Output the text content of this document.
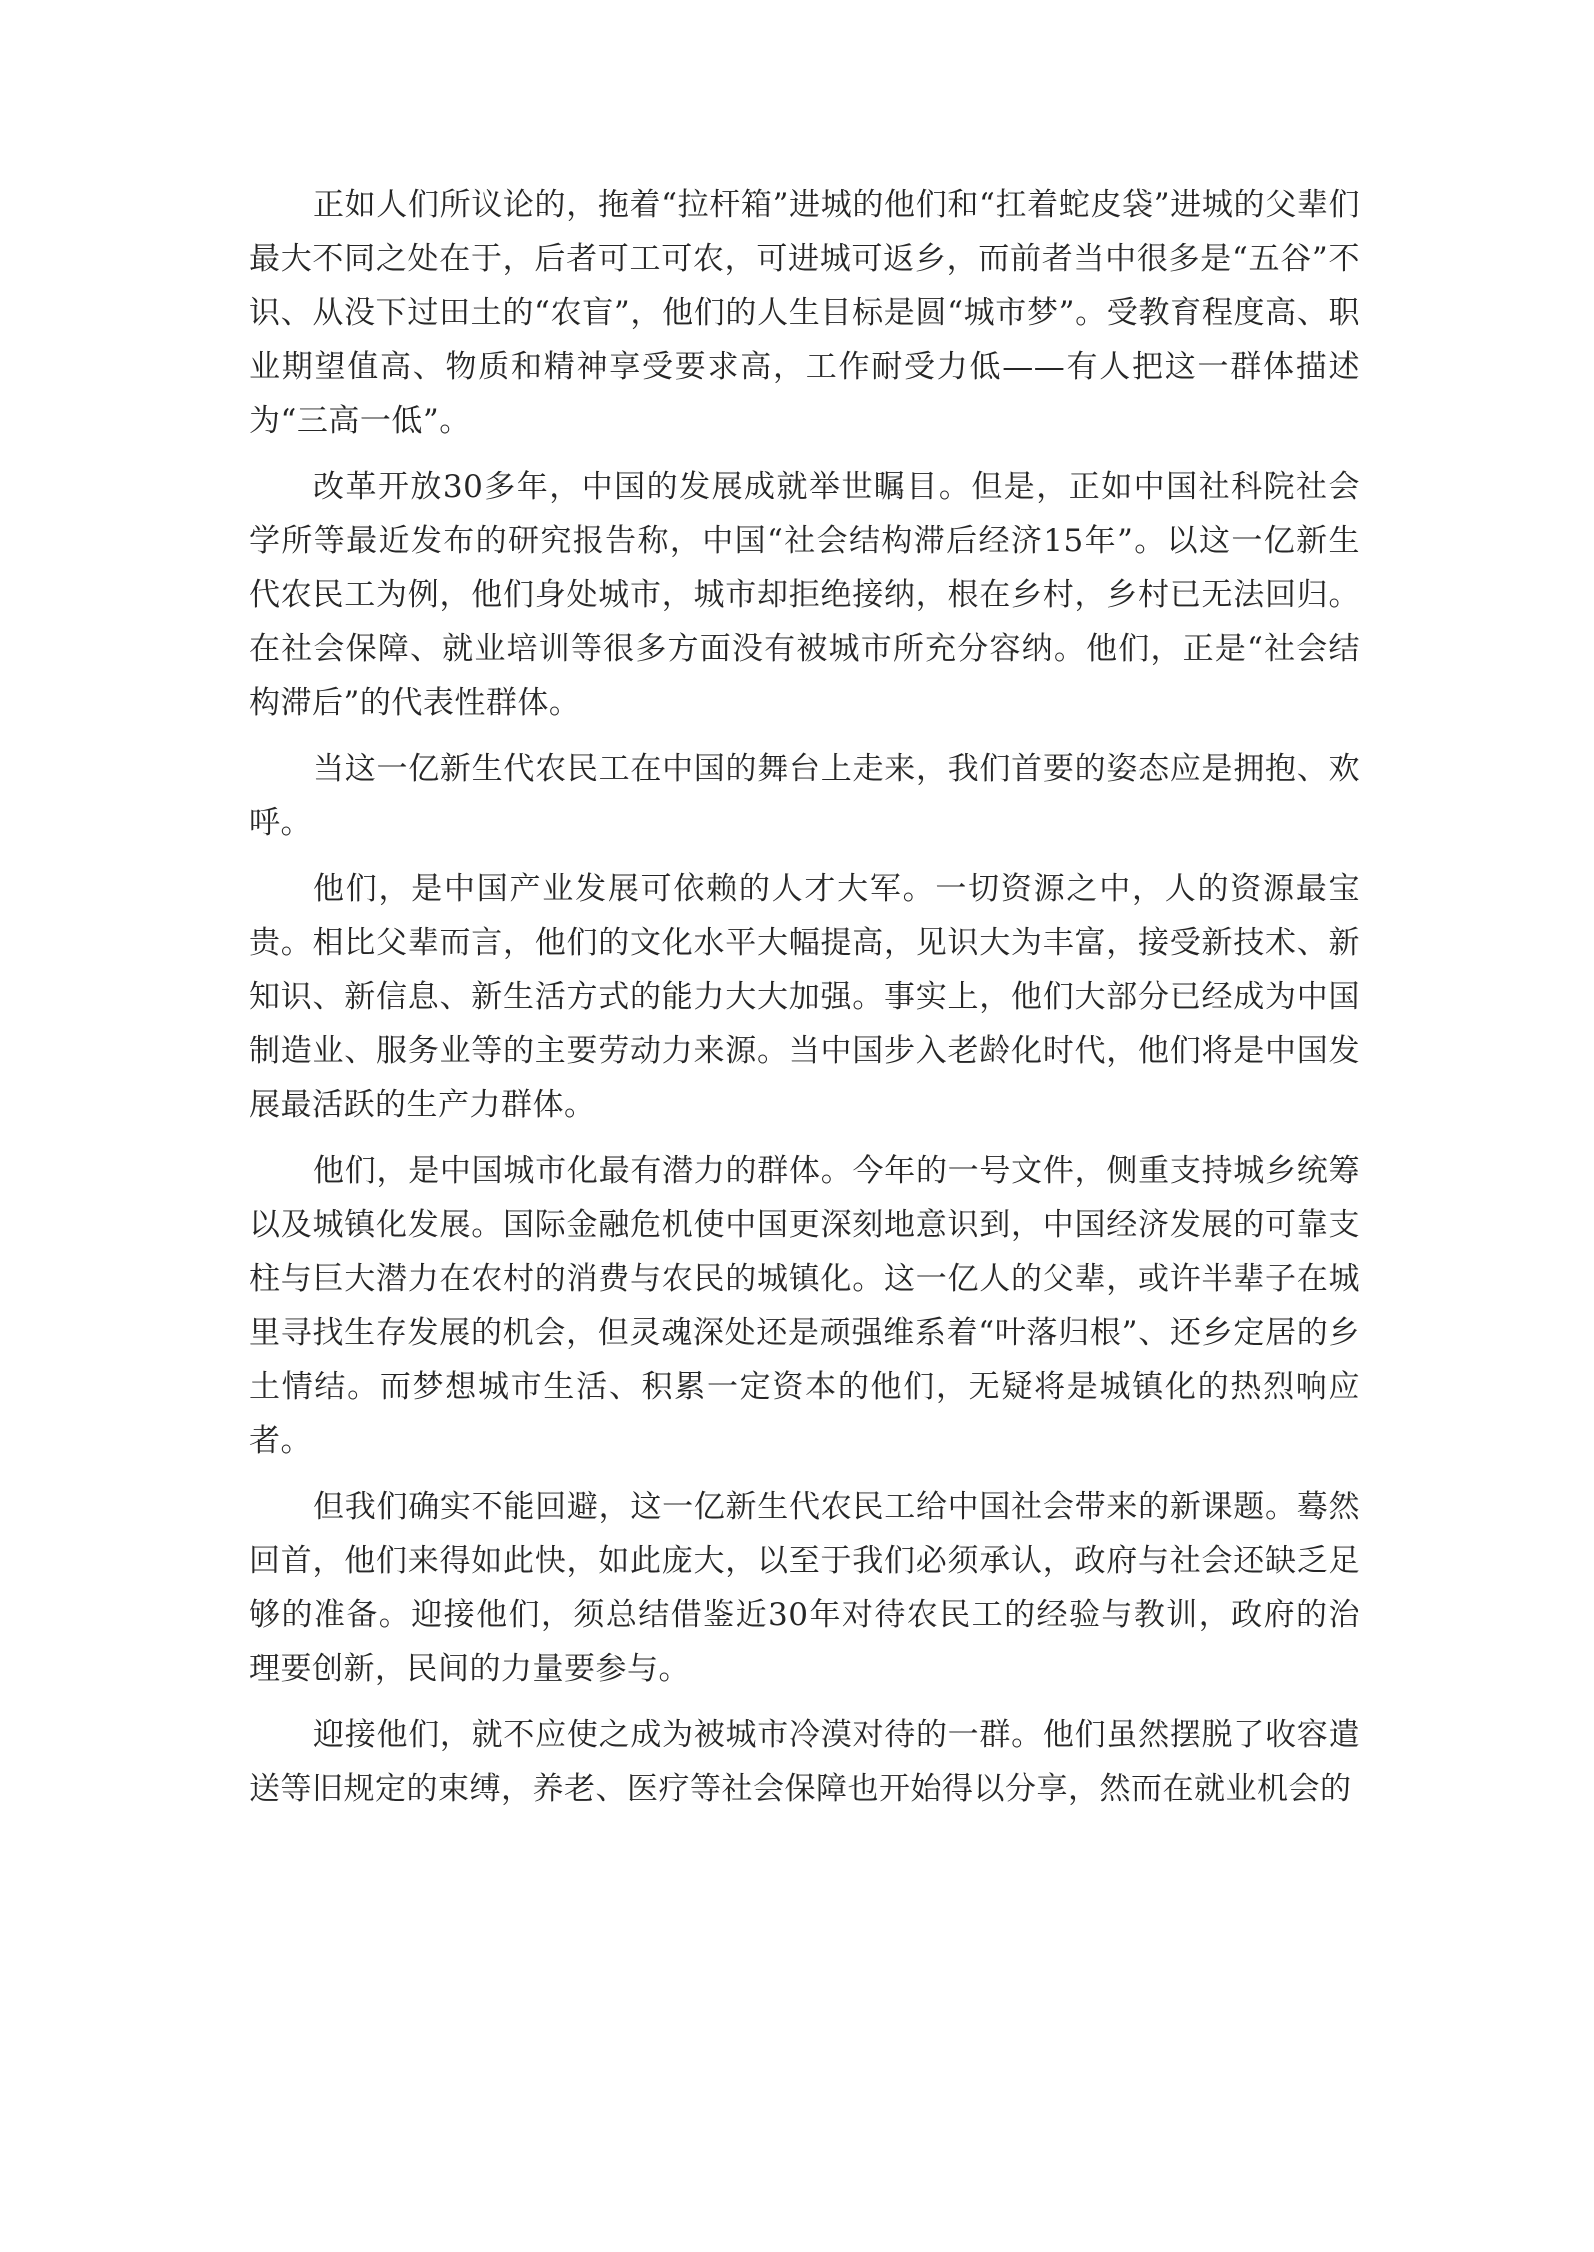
正如人们所议论的，拖着“拉杆箱”进城的他们和“扛着蛇皮袋”进城的父辈们最大不同之处在于，后者可工可农，可进城可返乡，而前者当中很多是“五谷”不识、从没下过田土的“农盲”，他们的人生目标是圆“城市梦”。受教育程度高、职业期望值高、物质和精神享受要求高，工作耐受力低——有人把这一群体描述为“三高一低”。

改革开放30多年，中国的发展成就举世瞩目。但是，正如中国社科院社会学所等最近发布的研究报告称，中国“社会结构滞后经济15年”。以这一亿新生代农民工为例，他们身处城市，城市却拒绝接纳，根在乡村，乡村已无法回归。在社会保障、就业培训等很多方面没有被城市所充分容纳。他们，正是“社会结构滞后”的代表性群体。

当这一亿新生代农民工在中国的舞台上走来，我们首要的姿态应是拥抱、欢呼。

他们，是中国产业发展可依赖的人才大军。一切资源之中，人的资源最宝贵。相比父辈而言，他们的文化水平大幅提高，见识大为丰富，接受新技术、新知识、新信息、新生活方式的能力大大加强。事实上，他们大部分已经成为中国制造业、服务业等的主要劳动力来源。当中国步入老龄化时代，他们将是中国发展最活跃的生产力群体。

他们，是中国城市化最有潜力的群体。今年的一号文件，侧重支持城乡统筹以及城镇化发展。国际金融危机使中国更深刻地意识到，中国经济发展的可靠支柱与巨大潜力在农村的消费与农民的城镇化。这一亿人的父辈，或许半辈子在城里寻找生存发展的机会，但灵魂深处还是顽强维系着“叶落归根”、还乡定居的乡土情结。而梦想城市生活、积累一定资本的他们，无疑将是城镇化的热烈响应者。

但我们确实不能回避，这一亿新生代农民工给中国社会带来的新课题。蓦然回首，他们来得如此快，如此庞大，以至于我们必须承认，政府与社会还缺乏足够的准备。迎接他们，须总结借鉴近30年对待农民工的经验与教训，政府的治理要创新，民间的力量要参与。

迎接他们，就不应使之成为被城市冷漠对待的一群。他们虽然摆脱了收容遣送等旧规定的束缚，养老、医疗等社会保障也开始得以分享，然而在就业机会的
